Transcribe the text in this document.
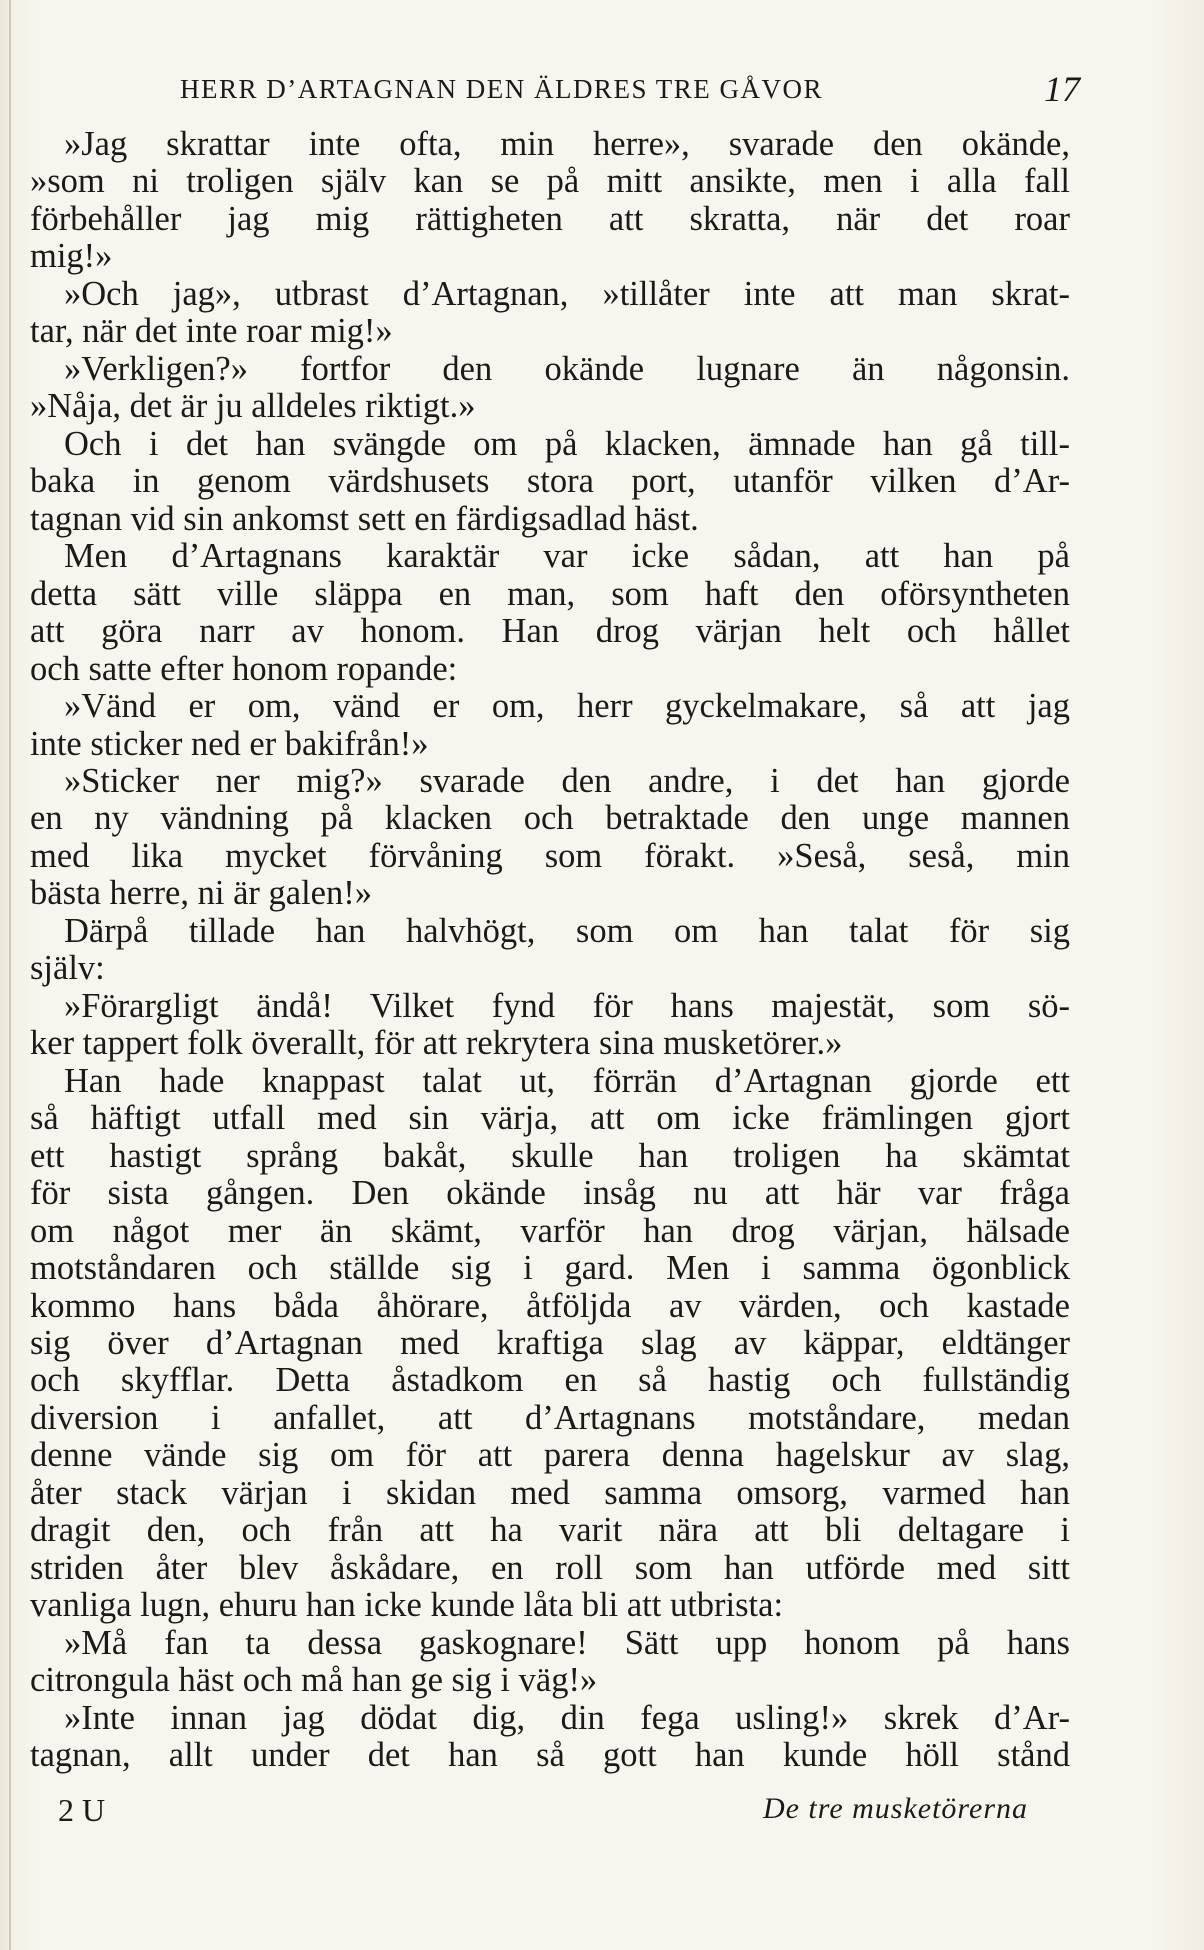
HERR D’ARTAGNAN DEN ÄLDRES TRE GÅVOR	17
»Jag skrattar inte ofta, min herre», svarade den okände,
»som ni troligen själv kan se på mitt ansikte, men i alla fall
förbehåller jag mig rättigheten att skratta, när det roar
mig!»
»Och jag», utbrast d’Artagnan, »tillåter inte att man skrat-
tar, när det inte roar mig!»
»Verkligen?» fortfor den okände lugnare än någonsin.
»Nåja, det är ju alldeles riktigt.»
Och i det han svängde om på klacken, ämnade han gå till-
baka in genom värdshusets stora port, utanför vilken d’Ar-
tagnan vid sin ankomst sett en färdigsadlad häst.
Men d’Artagnans karaktär var icke sådan, att han på
detta sätt ville släppa en man, som haft den oförsyntheten
att göra narr av honom. Han drog värjan helt och hållet
och satte efter honom ropande:
»Vänd er om, vänd er om, herr gyckelmakare, så att jag
inte sticker ned er bakifrån!»
»Sticker ner mig?» svarade den andre, i det han gjorde
en ny vändning på klacken och betraktade den unge mannen
med lika mycket förvåning som förakt. »Seså, seså, min
bästa herre, ni är galen!»
Därpå tillade han halvhögt, som om han talat för sig
själv:
»Förargligt ändå! Vilket fynd för hans majestät, som sö-
ker tappert folk överallt, för att rekrytera sina musketörer.»
Han hade knappast talat ut, förrän d’Artagnan gjorde ett
så häftigt utfall med sin värja, att om icke främlingen gjort
ett hastigt språng bakåt, skulle han troligen ha skämtat
för sista gången. Den okände insåg nu att här var fråga
om något mer än skämt, varför han drog värjan, hälsade
motståndaren och ställde sig i gard. Men i samma ögonblick
kommo hans båda åhörare, åtföljda av värden, och kastade
sig över d’Artagnan med kraftiga slag av käppar, eldtänger
och skyfflar. Detta åstadkom en så hastig och fullständig
diversion i anfallet, att d’Artagnans motståndare, medan
denne vände sig om för att parera denna hagelskur av slag,
åter stack värjan i skidan med samma omsorg, varmed han
dragit den, och från att ha varit nära att bli deltagare i
striden åter blev åskådare, en roll som han utförde med sitt
vanliga lugn, ehuru han icke kunde låta bli att utbrista:
»Må fan ta dessa gaskognare! Sätt upp honom på hans
citrongula häst och må han ge sig i väg!»
»Inte innan jag dödat dig, din fega usling!» skrek d’Ar-
tagnan, allt under det han så gott han kunde höll stånd
2 U	De tre musketörerna
